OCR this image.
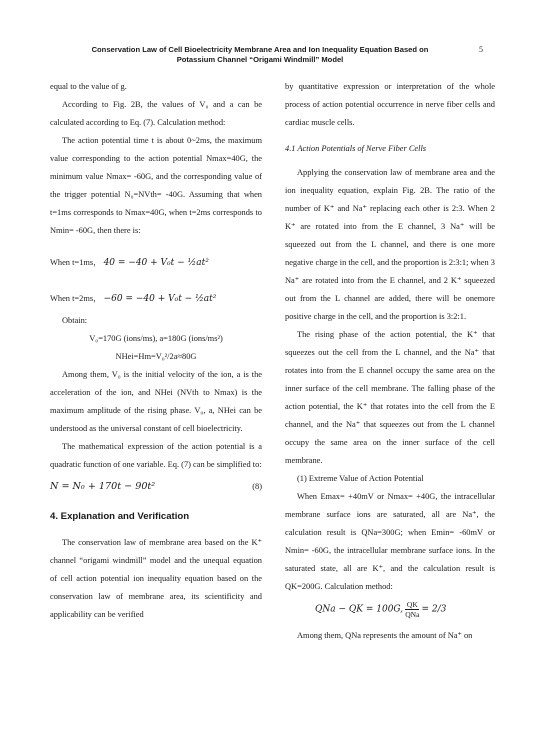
Conservation Law of Cell Bioelectricity Membrane Area and Ion Inequality Equation Based on
Potassium Channel “Origami Windmill” Model
5

equal to the value of g.

According to Fig. 2B, the values of V₀ and a can be calculated according to Eq. (7). Calculation method:

The action potential time t is about 0~2ms, the maximum value corresponding to the action potential Nmax=40G, the minimum value Nmax= -60G, and the corresponding value of the trigger potential N₀=NVth= -40G. Assuming that when t=1ms corresponds to Nmax=40G, when t=2ms corresponds to Nmin= -60G, then there is:

When t=1ms， 40 = −40 + V₀t − ½at²

When t=2ms， −60 = −40 + V₀t − ½at²

Obtain:

V₀=170G (ions/ms), a=180G (ions/ms²)

NHei=Hm=V₀²/2a≈80G

Among them, V₀ is the initial velocity of the ion, a is the acceleration of the ion, and NHei (NVth to Nmax) is the maximum amplitude of the rising phase. V₀, a, NHei can be understood as the universal constant of cell bioelectricity.

The mathematical expression of the action potential is a quadratic function of one variable. Eq. (7) can be simplified to:

N = N₀ + 170t − 90t²	(8)

4. Explanation and Verification

The conservation law of membrane area based on the K⁺ channel “origami windmill” model and the unequal equation of cell action potential ion inequality equation based on the conservation law of membrane area, its scientificity and applicability can be verified

by quantitative expression or interpretation of the whole process of action potential occurrence in nerve fiber cells and cardiac muscle cells.

4.1 Action Potentials of Nerve Fiber Cells

Applying the conservation law of membrane area and the ion inequality equation, explain Fig. 2B. The ratio of the number of K⁺ and Na⁺ replacing each other is 2:3. When 2 K⁺ are rotated into from the E channel, 3 Na⁺ will be squeezed out from the L channel, and there is one more negative charge in the cell, and the proportion is 2:3:1; when 3 Na⁺ are rotated into from the E channel, and 2 K⁺ squeezed out from the L channel are added, there will be onemore positive charge in the cell, and the proportion is 3:2:1.

The rising phase of the action potential, the K⁺ that squeezes out the cell from the L channel, and the Na⁺ that rotates into from the E channel occupy the same area on the inner surface of the cell membrane. The falling phase of the action potential, the K⁺ that rotates into the cell from the E channel, and the Na⁺ that squeezes out from the L channel occupy the same area on the inner surface of the cell membrane.

(1) Extreme Value of Action Potential

When Emax= +40mV or Nmax= +40G, the intracellular membrane surface ions are saturated, all are Na⁺, the calculation result is QNa=300G; when Emin= -60mV or Nmin= -60G, the intracellular membrane surface ions. In the saturated state, all are K⁺, and the calculation result is QK=200G. Calculation method:

QNa − QK = 100G, $\frac{QK}{\text{QNa}} = 2/3$

Among them, QNa represents the amount of Na⁺ on
